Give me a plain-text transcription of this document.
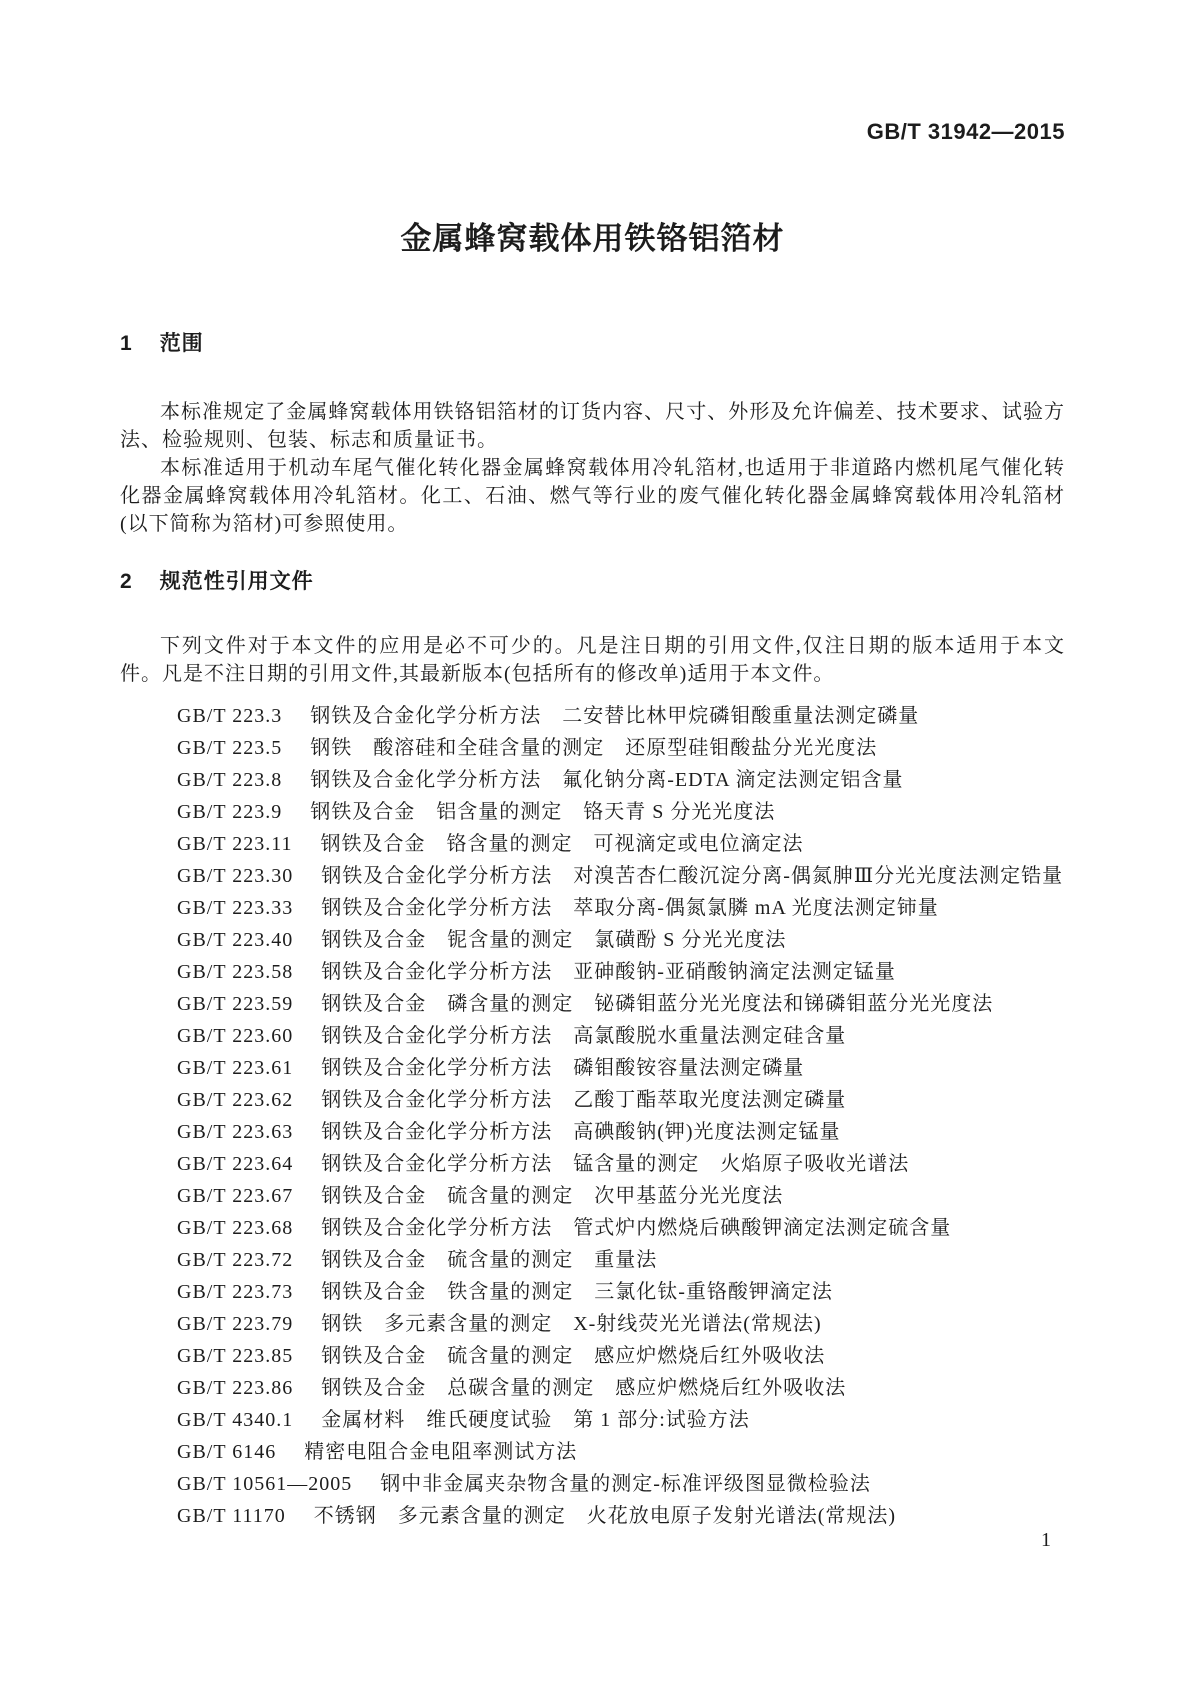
GB/T 31942—2015

金属蜂窝载体用铁铬铝箔材
1 范围

本标准规定了金属蜂窝载体用铁铬铝箔材的订货内容、尺寸、外形及允许偏差、技术要求、试验方法、检验规则、包装、标志和质量证书。

本标准适用于机动车尾气催化转化器金属蜂窝载体用冷轧箔材,也适用于非道路内燃机尾气催化转化器金属蜂窝载体用冷轧箔材。化工、石油、燃气等行业的废气催化转化器金属蜂窝载体用冷轧箔材(以下简称为箔材)可参照使用。

2 规范性引用文件

下列文件对于本文件的应用是必不可少的。凡是注日期的引用文件,仅注日期的版本适用于本文件。凡是不注日期的引用文件,其最新版本(包括所有的修改单)适用于本文件。

GB/T 223.3 钢铁及合金化学分析方法　二安替比林甲烷磷钼酸重量法测定磷量
GB/T 223.5 钢铁　酸溶硅和全硅含量的测定　还原型硅钼酸盐分光光度法
GB/T 223.8 钢铁及合金化学分析方法　氟化钠分离-EDTA 滴定法测定铝含量
GB/T 223.9 钢铁及合金　铝含量的测定　铬天青 S 分光光度法
GB/T 223.11 钢铁及合金　铬含量的测定　可视滴定或电位滴定法
GB/T 223.30 钢铁及合金化学分析方法　对溴苦杏仁酸沉淀分离-偶氮胂Ⅲ分光光度法测定锆量
GB/T 223.33 钢铁及合金化学分析方法　萃取分离-偶氮氯膦 mA 光度法测定铈量
GB/T 223.40 钢铁及合金　铌含量的测定　氯磺酚 S 分光光度法
GB/T 223.58 钢铁及合金化学分析方法　亚砷酸钠-亚硝酸钠滴定法测定锰量
GB/T 223.59 钢铁及合金　磷含量的测定　铋磷钼蓝分光光度法和锑磷钼蓝分光光度法
GB/T 223.60 钢铁及合金化学分析方法　高氯酸脱水重量法测定硅含量
GB/T 223.61 钢铁及合金化学分析方法　磷钼酸铵容量法测定磷量
GB/T 223.62 钢铁及合金化学分析方法　乙酸丁酯萃取光度法测定磷量
GB/T 223.63 钢铁及合金化学分析方法　高碘酸钠(钾)光度法测定锰量
GB/T 223.64 钢铁及合金化学分析方法　锰含量的测定　火焰原子吸收光谱法
GB/T 223.67 钢铁及合金　硫含量的测定　次甲基蓝分光光度法
GB/T 223.68 钢铁及合金化学分析方法　管式炉内燃烧后碘酸钾滴定法测定硫含量
GB/T 223.72 钢铁及合金　硫含量的测定　重量法
GB/T 223.73 钢铁及合金　铁含量的测定　三氯化钛-重铬酸钾滴定法
GB/T 223.79 钢铁　多元素含量的测定　X-射线荧光光谱法(常规法)
GB/T 223.85 钢铁及合金　硫含量的测定　感应炉燃烧后红外吸收法
GB/T 223.86 钢铁及合金　总碳含量的测定　感应炉燃烧后红外吸收法
GB/T 4340.1 金属材料　维氏硬度试验　第 1 部分:试验方法
GB/T 6146 精密电阻合金电阻率测试方法
GB/T 10561—2005 钢中非金属夹杂物含量的测定-标准评级图显微检验法
GB/T 11170 不锈钢　多元素含量的测定　火花放电原子发射光谱法(常规法)
1
